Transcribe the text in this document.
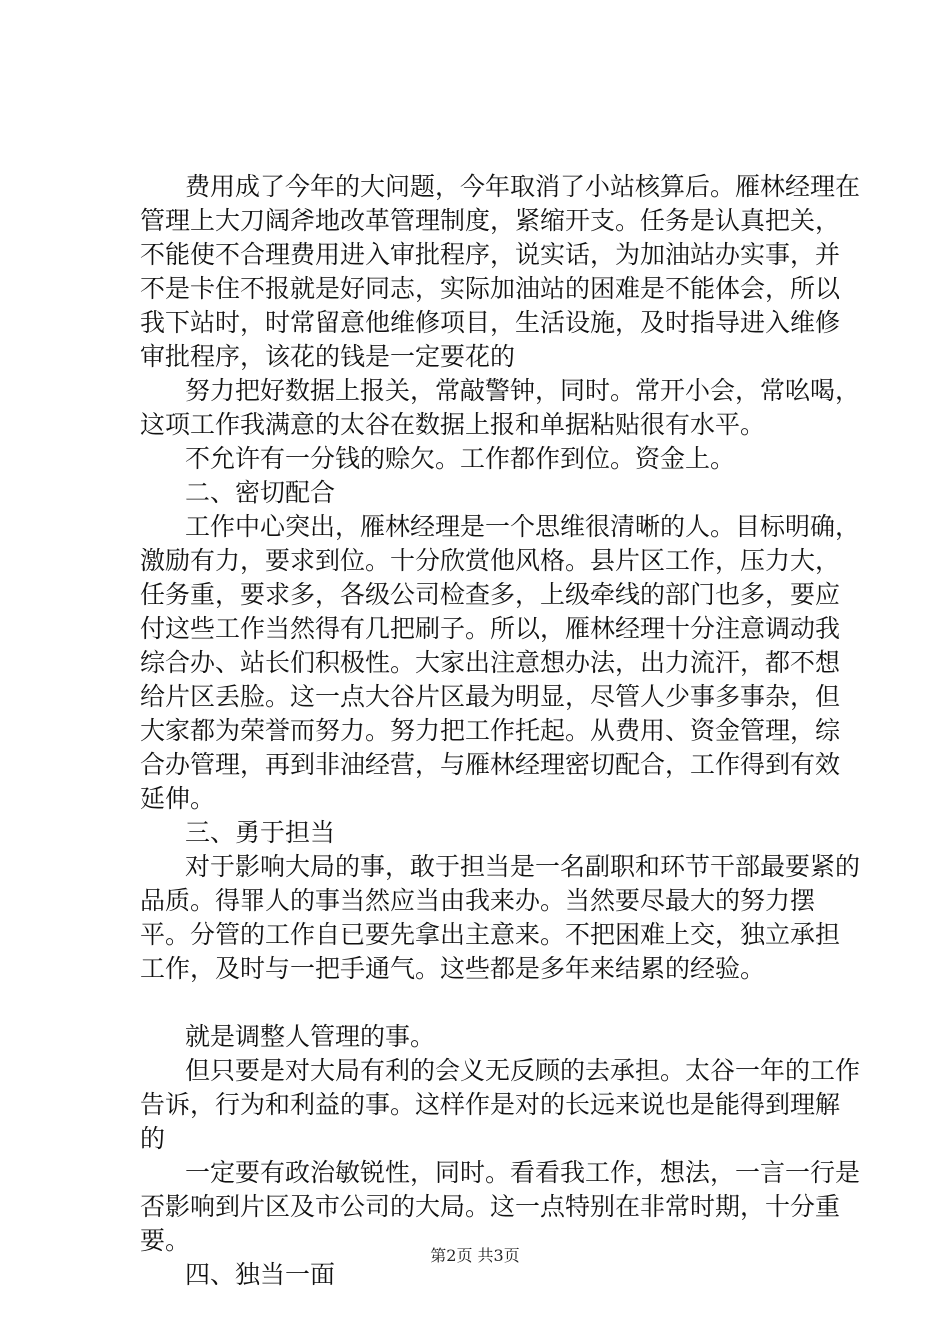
费用成了今年的大问题，今年取消了小站核算后。雁林经理在管理上大刀阔斧地改革管理制度，紧缩开支。任务是认真把关，不能使不合理费用进入审批程序，说实话，为加油站办实事，并不是卡住不报就是好同志，实际加油站的困难是不能体会，所以我下站时，时常留意他维修项目，生活设施，及时指导进入维修审批程序，该花的钱是一定要花的

努力把好数据上报关，常敲警钟，同时。常开小会，常吆喝，这项工作我满意的太谷在数据上报和单据粘贴很有水平。

不允许有一分钱的赊欠。工作都作到位。资金上。

二、密切配合

工作中心突出，雁林经理是一个思维很清晰的人。目标明确，激励有力，要求到位。十分欣赏他风格。县片区工作，压力大，任务重，要求多，各级公司检查多，上级牵线的部门也多，要应付这些工作当然得有几把刷子。所以，雁林经理十分注意调动我综合办、站长们积极性。大家出注意想办法，出力流汗，都不想给片区丢脸。这一点大谷片区最为明显，尽管人少事多事杂，但大家都为荣誉而努力。努力把工作托起。从费用、资金管理，综合办管理，再到非油经营，与雁林经理密切配合，工作得到有效延伸。

三、勇于担当

对于影响大局的事，敢于担当是一名副职和环节干部最要紧的品质。得罪人的事当然应当由我来办。当然要尽最大的努力摆平。分管的工作自已要先拿出主意来。不把困难上交，独立承担工作，及时与一把手通气。这些都是多年来结累的经验。

就是调整人管理的事。

但只要是对大局有利的会义无反顾的去承担。太谷一年的工作告诉，行为和利益的事。这样作是对的长远来说也是能得到理解的

一定要有政治敏锐性，同时。看看我工作，想法，一言一行是否影响到片区及市公司的大局。这一点特别在非常时期，十分重要。

四、独当一面

第2页 共3页
